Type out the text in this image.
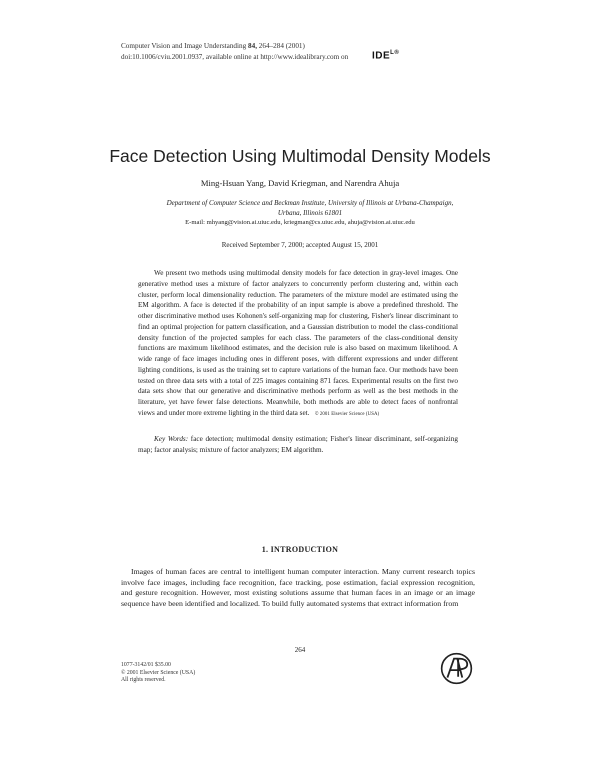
Computer Vision and Image Understanding 84, 264–284 (2001)
doi:10.1006/cviu.2001.0937, available online at http://www.idealibrary.com on $IDE^{L®}$
Face Detection Using Multimodal Density Models
Ming-Hsuan Yang, David Kriegman, and Narendra Ahuja
Department of Computer Science and Beckman Institute, University of Illinois at Urbana-Champaign,
Urbana, Illinois 61801
E-mail: mhyang@vision.ai.uiuc.edu, kriegman@cs.uiuc.edu, ahuja@vision.ai.uiuc.edu
Received September 7, 2000; accepted August 15, 2001
We present two methods using multimodal density models for face detection in gray-level images. One generative method uses a mixture of factor analyzers to concurrently perform clustering and, within each cluster, perform local dimensionality reduction. The parameters of the mixture model are estimated using the EM algorithm. A face is detected if the probability of an input sample is above a predefined threshold. The other discriminative method uses Kohonen's self-organizing map for clustering, Fisher's linear discriminant to find an optimal projection for pattern classification, and a Gaussian distribution to model the class-conditional density function of the projected samples for each class. The parameters of the class-conditional density functions are maximum likelihood estimates, and the decision rule is also based on maximum likelihood. A wide range of face images including ones in different poses, with different expressions and under different lighting conditions, is used as the training set to capture variations of the human face. Our methods have been tested on three data sets with a total of 225 images containing 871 faces. Experimental results on the first two data sets show that our generative and discriminative methods perform as well as the best methods in the literature, yet have fewer false detections. Meanwhile, both methods are able to detect faces of nonfrontal views and under more extreme lighting in the third data set. © 2001 Elsevier Science (USA)
Key Words: face detection; multimodal density estimation; Fisher's linear discriminant, self-organizing map; factor analysis; mixture of factor analyzers; EM algorithm.
1. INTRODUCTION
Images of human faces are central to intelligent human computer interaction. Many current research topics involve face images, including face recognition, face tracking, pose estimation, facial expression recognition, and gesture recognition. However, most existing solutions assume that human faces in an image or an image sequence have been identified and localized. To build fully automated systems that extract information from
264
1077-3142/01 $35.00
© 2001 Elsevier Science (USA)
All rights reserved.
